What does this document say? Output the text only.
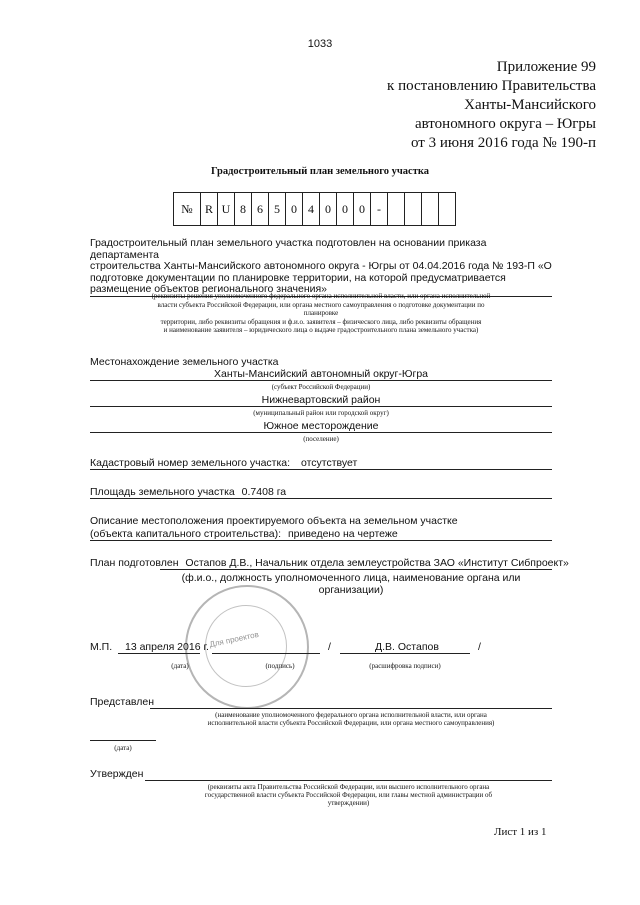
1033
Приложение 99
к постановлению Правительства
Ханты-Мансийского
автономного округа – Югры
от 3 июня 2016 года № 190-п
Градостроительный план земельного участка
№	R	U	8	6	5	0	4	0	0	0	-				
Градостроительный план земельного участка подготовлен на основании приказа департамента
строительства Ханты-Мансийского автономного округа - Югры от 04.04.2016 года № 193-П «О
подготовке документации по планировке территории, на которой предусматривается
размещение объектов регионального значения»
(реквизиты решения уполномоченного федерального органа исполнительной власти, или органа исполнительной
власти субъекта Российской Федерации, или органа местного самоуправления о подготовке документации по
планировке
территории, либо реквизиты обращения и ф.и.о. заявителя – физического лица, либо реквизиты обращения
и наименование заявителя – юридического лица о выдаче градостроительного плана земельного участка)
Местонахождение земельного участка
Ханты-Мансийский автономный округ-Югра
(субъект Российской Федерации)
Нижневартовский район
(муниципальный район или городской округ)
Южное месторождение
(поселение)
Кадастровый номер земельного участка: отсутствует
Площадь земельного участка 0.7408 га
Описание местоположения проектируемого объекта на земельном участке
(объекта капитального строительства): приведено на чертеже
План подготовлен Остапов Д.В., Начальник отдела землеустройства ЗАО «Институт Сибпроект»
(ф.и.о., должность уполномоченного лица, наименование органа или
организации)
Для проектов
М.П. 13 апреля 2016 г.	/	Д.В. Остапов	/
(дата)	(подпись)	(расшифровка подписи)
Представлен
(наименование уполномоченного федерального органа исполнительной власти, или органа
исполнительной власти субъекта Российской Федерации, или органа местного самоуправления)
(дата)
Утвержден
(реквизиты акта Правительства Российской Федерации, или высшего исполнительного органа
государственной власти субъекта Российской Федерации, или главы местной администрации об
утверждении)
Лист 1 из 1
